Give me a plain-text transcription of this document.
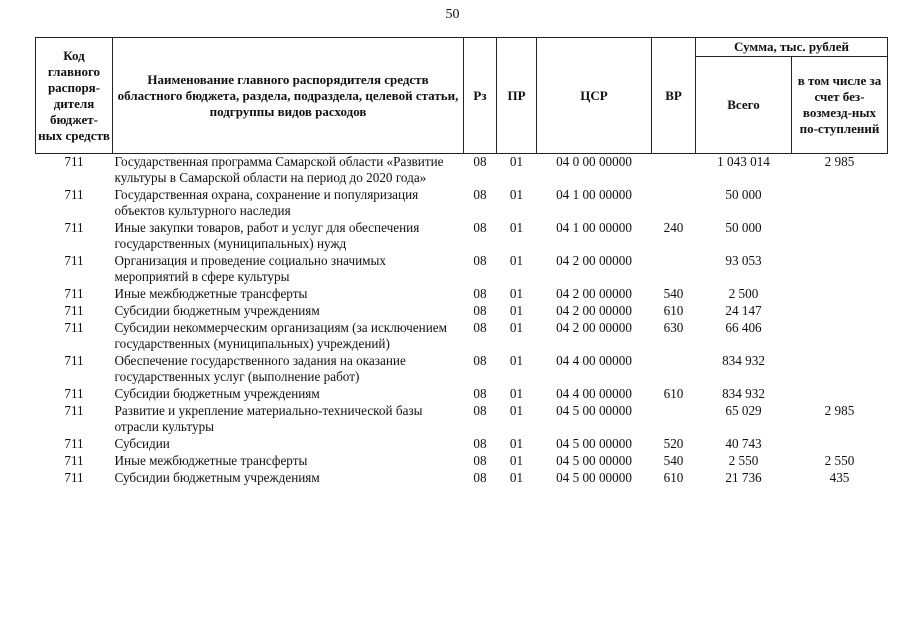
50
Код главного распоря-дителя бюджет-ных средств	Наименование главного распорядителя средств областного бюджета, раздела, подраздела, целевой статьи, подгруппы видов расходов	Рз	ПР	ЦСР	ВР	Сумма, тыс. рублей	
						Всего	в том числе за счет без-возмезд-ных по-ступлений
711	Государственная программа Самарской области «Развитие культуры в Самарской области на период до 2020 года»	08	01	04 0 00 00000		1 043 014	2 985
711	Государственная охрана, сохранение и популяризация объектов культурного наследия	08	01	04 1 00 00000		50 000	
711	Иные закупки товаров, работ и услуг для обеспечения государственных (муниципальных) нужд	08	01	04 1 00 00000	240	50 000	
711	Организация и проведение социально значимых мероприятий в сфере культуры	08	01	04 2 00 00000		93 053	
711	Иные межбюджетные трансферты	08	01	04 2 00 00000	540	2 500	
711	Субсидии бюджетным учреждениям	08	01	04 2 00 00000	610	24 147	
711	Субсидии некоммерческим организациям (за исключением государственных (муниципальных) учреждений)	08	01	04 2 00 00000	630	66 406	
711	Обеспечение государственного задания на оказание государственных услуг (выполнение работ)	08	01	04 4 00 00000		834 932	
711	Субсидии бюджетным учреждениям	08	01	04 4 00 00000	610	834 932	
711	Развитие и укрепление материально-технической базы отрасли культуры	08	01	04 5 00 00000		65 029	2 985
711	Субсидии	08	01	04 5 00 00000	520	40 743	
711	Иные межбюджетные трансферты	08	01	04 5 00 00000	540	2 550	2 550
711	Субсидии бюджетным учреждениям	08	01	04 5 00 00000	610	21 736	435
